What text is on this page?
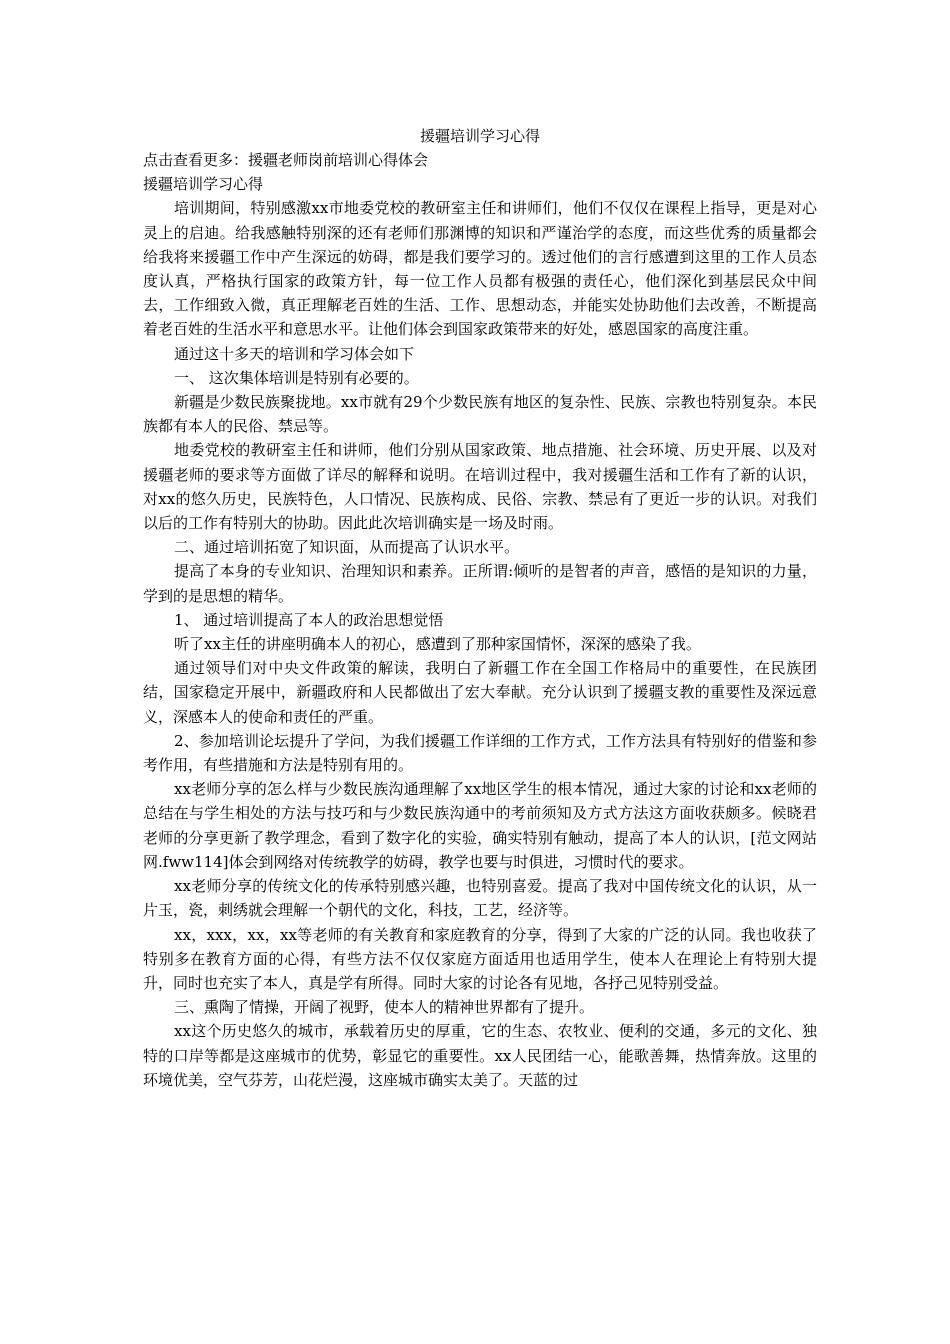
援疆培训学习心得

点击查看更多：援疆老师岗前培训心得体会

援疆培训学习心得

培训期间，特别感激xx市地委党校的教研室主任和讲师们，他们不仅仅在课程上指导，更是对心灵上的启迪。给我感触特别深的还有老师们那渊博的知识和严谨治学的态度，而这些优秀的质量都会给我将来援疆工作中产生深远的妨碍，都是我们要学习的。透过他们的言行感遭到这里的工作人员态度认真，严格执行国家的政策方针，每一位工作人员都有极强的责任心，他们深化到基层民众中间去，工作细致入微，真正理解老百姓的生活、工作、思想动态，并能实处协助他们去改善，不断提高着老百姓的生活水平和意思水平。让他们体会到国家政策带来的好处，感恩国家的高度注重。

通过这十多天的培训和学习体会如下

一、 这次集体培训是特别有必要的。

新疆是少数民族聚拢地。xx市就有29个少数民族有地区的复杂性、民族、宗教也特别复杂。本民族都有本人的民俗、禁忌等。

地委党校的教研室主任和讲师，他们分别从国家政策、地点措施、社会环境、历史开展、以及对援疆老师的要求等方面做了详尽的解释和说明。在培训过程中，我对援疆生活和工作有了新的认识，对xx的悠久历史，民族特色，人口情况、民族构成、民俗、宗教、禁忌有了更近一步的认识。对我们以后的工作有特别大的协助。因此此次培训确实是一场及时雨。

二、通过培训拓宽了知识面，从而提高了认识水平。

提高了本身的专业知识、治理知识和素养。正所谓:倾听的是智者的声音，感悟的是知识的力量，学到的是思想的精华。

1、 通过培训提高了本人的政治思想觉悟

听了xx主任的讲座明确本人的初心，感遭到了那种家国情怀，深深的感染了我。

通过领导们对中央文件政策的解读，我明白了新疆工作在全国工作格局中的重要性，在民族团结，国家稳定开展中，新疆政府和人民都做出了宏大奉献。充分认识到了援疆支教的重要性及深远意义，深感本人的使命和责任的严重。

2、参加培训论坛提升了学问，为我们援疆工作详细的工作方式，工作方法具有特别好的借鉴和参考作用，有些措施和方法是特别有用的。

xx老师分享的怎么样与少数民族沟通理解了xx地区学生的根本情况，通过大家的讨论和xx老师的总结在与学生相处的方法与技巧和与少数民族沟通中的考前须知及方式方法这方面收获颇多。候晓君老师的分享更新了教学理念，看到了数字化的实验，确实特别有触动，提高了本人的认识，[范文网站网.fww114]体会到网络对传统教学的妨碍，教学也要与时俱进，习惯时代的要求。

xx老师分享的传统文化的传承特别感兴趣，也特别喜爱。提高了我对中国传统文化的认识，从一片玉，瓷，刺绣就会理解一个朝代的文化，科技，工艺，经济等。

xx，xxx，xx，xx等老师的有关教育和家庭教育的分享，得到了大家的广泛的认同。我也收获了特别多在教育方面的心得，有些方法不仅仅家庭方面适用也适用学生，使本人在理论上有特别大提升，同时也充实了本人，真是学有所得。同时大家的讨论各有见地，各抒己见特别受益。

三、熏陶了情操，开阔了视野，使本人的精神世界都有了提升。

xx这个历史悠久的城市，承载着历史的厚重，它的生态、农牧业、便利的交通，多元的文化、独特的口岸等都是这座城市的优势，彰显它的重要性。xx人民团结一心，能歌善舞，热情奔放。这里的环境优美，空气芬芳，山花烂漫，这座城市确实太美了。天蓝的过
